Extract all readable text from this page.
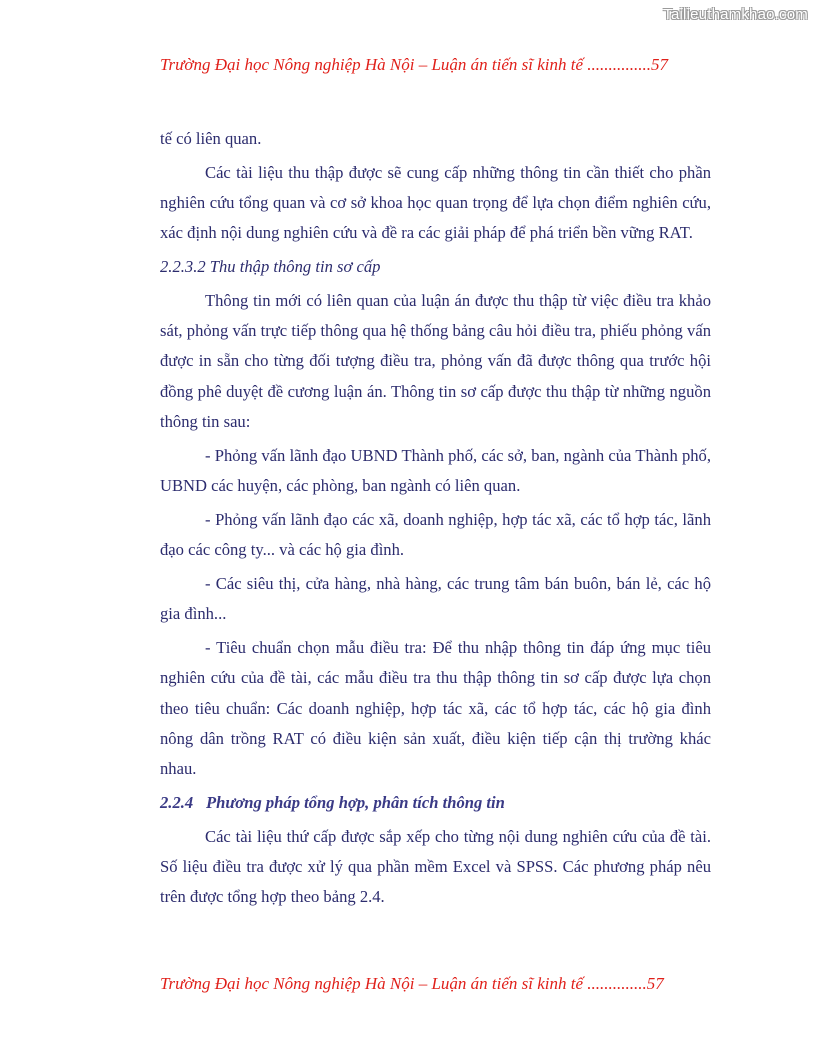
Tailieuthamkhao.com
Trường Đại học Nông nghiệp Hà Nội – Luận án tiến sĩ kinh tế ...............57

tế có liên quan.

Các tài liệu thu thập được sẽ cung cấp những thông tin cần thiết cho phần nghiên cứu tổng quan và cơ sở khoa học quan trọng để lựa chọn điểm nghiên cứu, xác định nội dung nghiên cứu và đề ra các giải pháp để phá triển bền vững RAT.

2.2.3.2 Thu thập thông tin sơ cấp

Thông tin mới có liên quan của luận án được thu thập từ việc điều tra khảo sát, phỏng vấn trực tiếp thông qua hệ thống bảng câu hỏi điều tra, phiếu phỏng vấn được in sẵn cho từng đối tượng điều tra, phỏng vấn đã được thông qua trước hội đồng phê duyệt đề cương luận án. Thông tin sơ cấp được thu thập từ những nguồn thông tin sau:

- Phỏng vấn lãnh đạo UBND Thành phố, các sở, ban, ngành của Thành phố, UBND các huyện, các phòng, ban ngành có liên quan.

- Phỏng vấn lãnh đạo các xã, doanh nghiệp, hợp tác xã, các tổ hợp tác, lãnh đạo các công ty... và các hộ gia đình.

- Các siêu thị, cửa hàng, nhà hàng, các trung tâm bán buôn, bán lẻ, các hộ gia đình...

- Tiêu chuẩn chọn mẫu điều tra: Để thu nhập thông tin đáp ứng mục tiêu nghiên cứu của đề tài, các mẫu điều tra thu thập thông tin sơ cấp được lựa chọn theo tiêu chuẩn: Các doanh nghiệp, hợp tác xã, các tổ hợp tác, các hộ gia đình nông dân trồng RAT có điều kiện sản xuất, điều kiện tiếp cận thị trường khác nhau.

2.2.4 Phương pháp tổng hợp, phân tích thông tin

Các tài liệu thứ cấp được sắp xếp cho từng nội dung nghiên cứu của đề tài. Số liệu điều tra được xử lý qua phần mềm Excel và SPSS. Các phương pháp nêu trên được tổng hợp theo bảng 2.4.

Trường Đại học Nông nghiệp Hà Nội – Luận án tiến sĩ kinh tế ..............57
